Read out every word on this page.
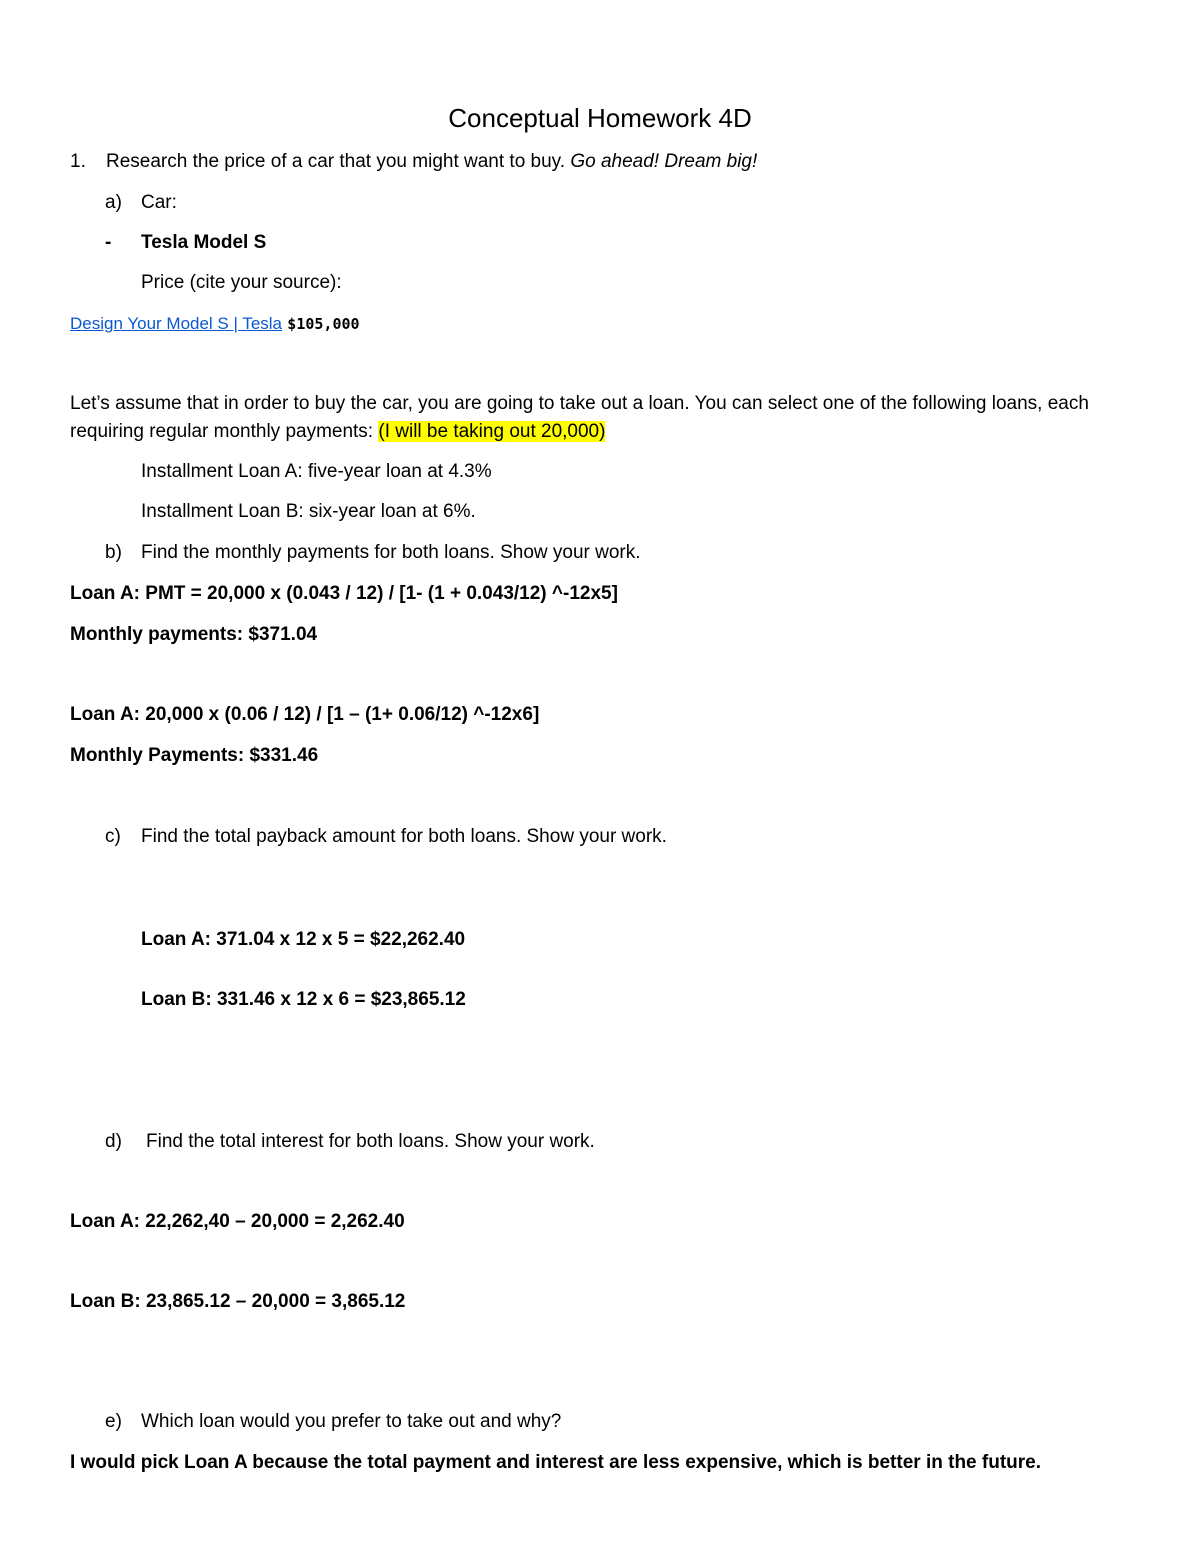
Conceptual Homework 4D
1. Research the price of a car that you might want to buy. Go ahead! Dream big!
a) Car:
- Tesla Model S
Price (cite your source):
Design Your Model S | Tesla $105,000
Let’s assume that in order to buy the car, you are going to take out a loan. You can select one of the following loans, each requiring regular monthly payments: (I will be taking out 20,000)
Installment Loan A: five-year loan at 4.3%
Installment Loan B: six-year loan at 6%.
b) Find the monthly payments for both loans. Show your work.
Loan A: PMT = 20,000 x (0.043 / 12) / [1- (1 + 0.043/12) ^-12x5]
Monthly payments: $371.04
Loan A: 20,000 x (0.06 / 12) / [1 – (1+ 0.06/12) ^-12x6]
Monthly Payments: $331.46
c) Find the total payback amount for both loans. Show your work.
Loan A: 371.04 x 12 x 5 = $22,262.40
Loan B: 331.46 x 12 x 6 = $23,865.12
d) Find the total interest for both loans. Show your work.
Loan A: 22,262,40 – 20,000 = 2,262.40
Loan B: 23,865.12 – 20,000 = 3,865.12
e) Which loan would you prefer to take out and why?
I would pick Loan A because the total payment and interest are less expensive, which is better in the future.
